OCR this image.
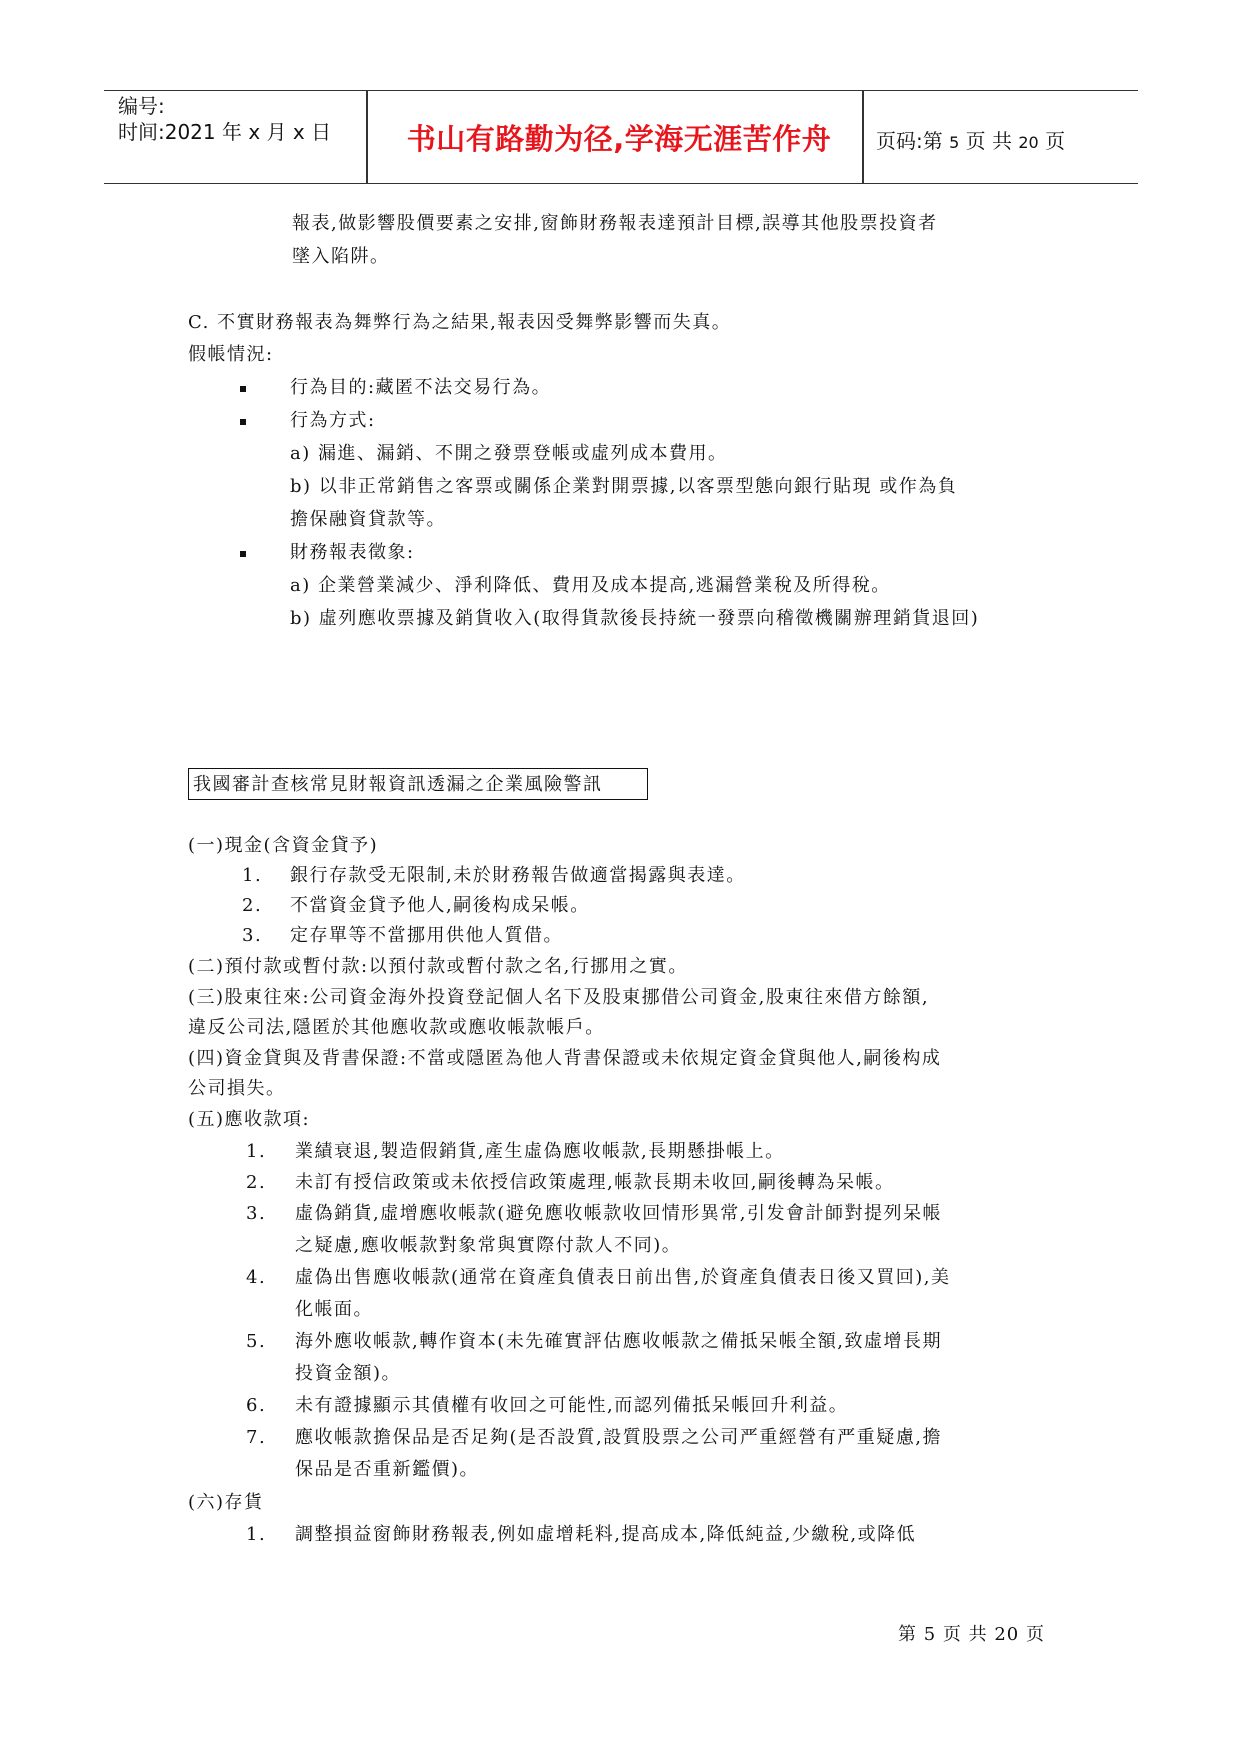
编号:
时间:2021 年 x 月 x 日	书山有路勤为径,学海无涯苦作舟	页码:第 5 页 共 20 页
報表,做影響股價要素之安排,窗飾財務報表達預計目標,誤導其他股票投資者
墜入陷阱。
C. 不實財務報表為舞弊行為之結果,報表因受舞弊影響而失真。
假帳情況:
行為目的:藏匿不法交易行為。
行為方式:
a) 漏進、漏銷、不開之發票登帳或虛列成本費用。
b) 以非正常銷售之客票或關係企業對開票據,以客票型態向銀行貼現 或作為負
擔保融資貸款等。
財務報表徵象:
a) 企業營業減少、淨利降低、費用及成本提高,逃漏營業稅及所得稅。
b) 虛列應收票據及銷貨收入(取得貨款後長持統一發票向稽徵機關辦理銷貨退回)
我國審計查核常見財報資訊透漏之企業風險警訊
(一)現金(含資金貸予)
1. 銀行存款受无限制,未於財務報告做適當揭露與表達。
2. 不當資金貸予他人,嗣後构成呆帳。
3. 定存單等不當挪用供他人質借。
(二)預付款或暫付款:以預付款或暫付款之名,行挪用之實。
(三)股東往來:公司資金海外投資登記個人名下及股東挪借公司資金,股東往來借方餘額,
違反公司法,隱匿於其他應收款或應收帳款帳戶。
(四)資金貸與及背書保證:不當或隱匿為他人背書保證或未依規定資金貸與他人,嗣後构成
公司損失。
(五)應收款項:
1. 業績衰退,製造假銷貨,產生虛偽應收帳款,長期懸掛帳上。
2. 未訂有授信政策或未依授信政策處理,帳款長期未收回,嗣後轉為呆帳。
3. 虛偽銷貨,虛增應收帳款(避免應收帳款收回情形異常,引发會計師對提列呆帳
之疑慮,應收帳款對象常與實際付款人不同)。
4. 虛偽出售應收帳款(通常在資產負債表日前出售,於資產負債表日後又買回),美
化帳面。
5. 海外應收帳款,轉作資本(未先確實評估應收帳款之備抵呆帳全額,致虛增長期
投資金額)。
6. 未有證據顯示其債權有收回之可能性,而認列備抵呆帳回升利益。
7. 應收帳款擔保品是否足夠(是否設質,設質股票之公司严重經營有严重疑慮,擔
保品是否重新鑑價)。
(六)存貨
1. 調整損益窗飾財務報表,例如虛增耗料,提高成本,降低純益,少繳稅,或降低
第 5 页 共 20 页
